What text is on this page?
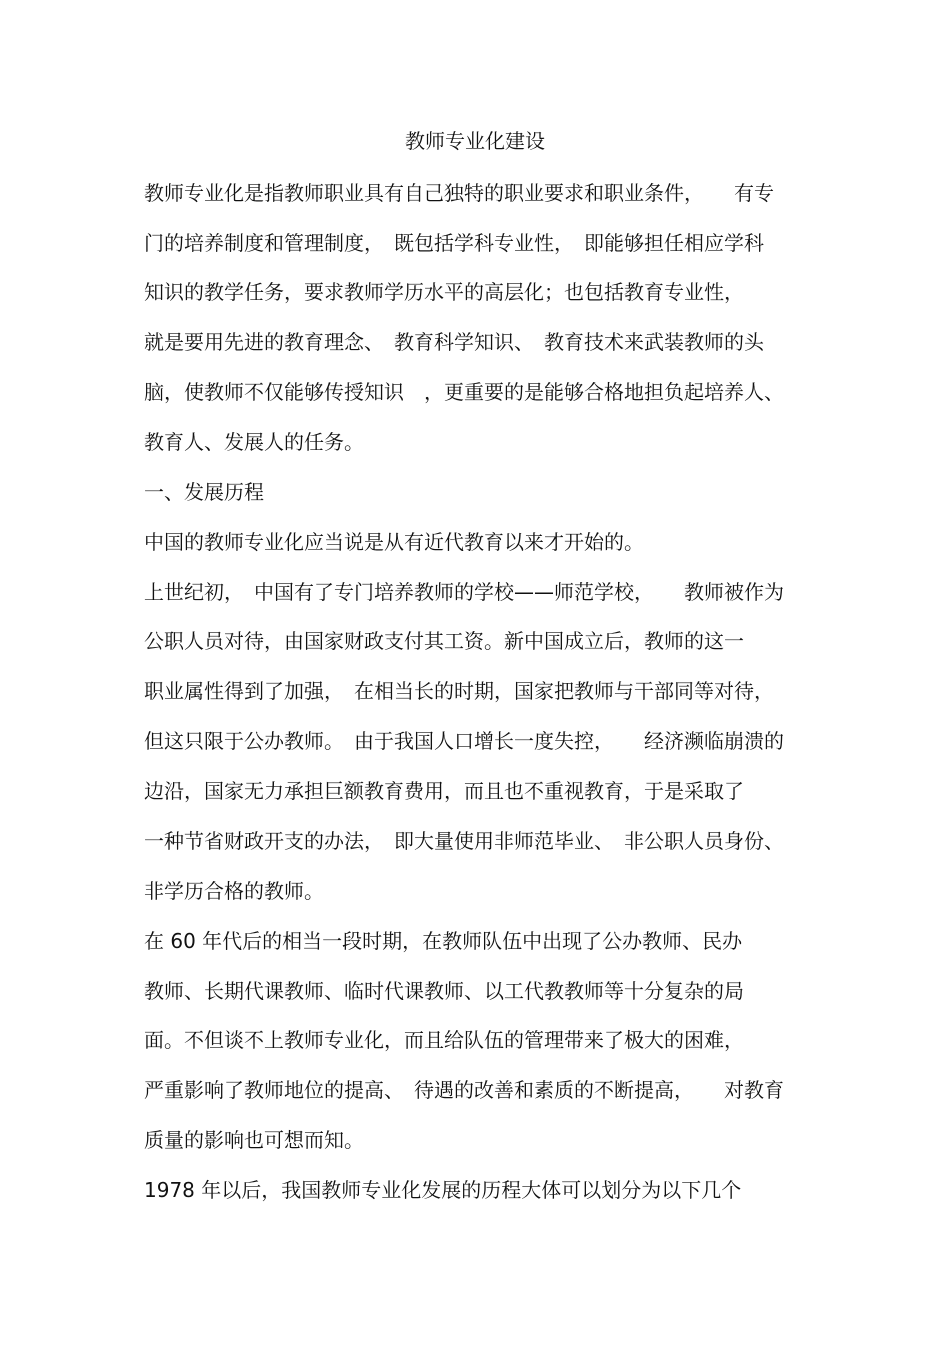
教师专业化建设
教师专业化是指教师职业具有自己独特的职业要求和职业条件，　　有专
门的培养制度和管理制度，　既包括学科专业性，　即能够担任相应学科
知识的教学任务，要求教师学历水平的高层化；也包括教育专业性，
就是要用先进的教育理念、　教育科学知识、　教育技术来武装教师的头
脑，使教师不仅能够传授知识　，更重要的是能够合格地担负起培养人、
教育人、发展人的任务。
一、发展历程
中国的教师专业化应当说是从有近代教育以来才开始的。
上世纪初，　中国有了专门培养教师的学校——师范学校，　　教师被作为
公职人员对待，由国家财政支付其工资。新中国成立后，教师的这一
职业属性得到了加强，　在相当长的时期，国家把教师与干部同等对待，
但这只限于公办教师。　由于我国人口增长一度失控，　　经济濒临崩溃的
边沿，国家无力承担巨额教育费用，而且也不重视教育，于是采取了
一种节省财政开支的办法，　即大量使用非师范毕业、　非公职人员身份、
非学历合格的教师。
在 60 年代后的相当一段时期，在教师队伍中出现了公办教师、民办
教师、长期代课教师、临时代课教师、以工代教教师等十分复杂的局
面。不但谈不上教师专业化，而且给队伍的管理带来了极大的困难，
严重影响了教师地位的提高、　待遇的改善和素质的不断提高，　　对教育
质量的影响也可想而知。
1978 年以后，我国教师专业化发展的历程大体可以划分为以下几个
